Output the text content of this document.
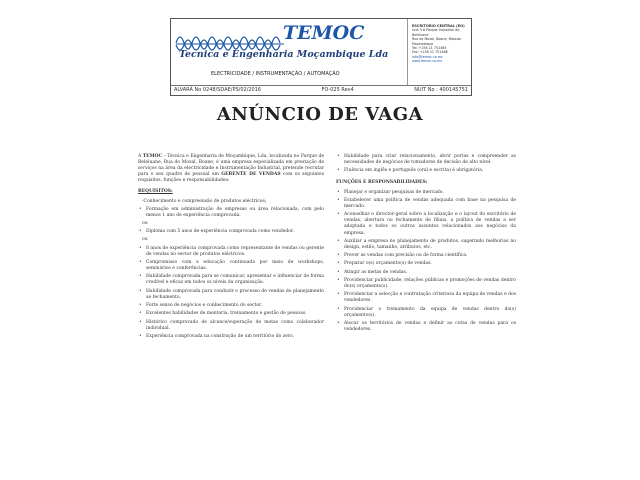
TEMOC
Tecnica e Engenharia Moçambique Lda
ELECTRICIDADE / INSTRUMENTAÇÃO / AUTOMAÇÃO
ESCRITÓRIO CENTRAL (EO)
Unit 5-6 Parque Industrial de
Beleluane
Rua do Mozal, Boane, Maputo
Moçambique
Tel: +258 21 751465
Fax: +258 21 751466
info@temoc.co.mz
www.temoc.co.mz
ALVARÁ No 0248/SDAE/PS/02/2016	FO-025 Rev4	NUIT No : 400145751
ANÚNCIO DE VAGA

A TEMOC – Técnica e Engenharia de Moçambique, Lda, localizada no Parque de Beleluane, Rua do Mozal, Boane, é uma empresa especializada em prestação de serviços na área da electricidade e Instrumentação Industrial, pretende recrutar para o seu quadro de pessoal um GERENTE DE VENDAS com os seguintes requisitos, funções e responsabilidades:

REQUISITOS:
-Conhecimento e compreensão de produtos eléctricos;
• Formação em administração de empresas ou área relacionada, com pelo menos 1 ano de experiência comprovada.
ou
• Diploma com 5 anos de experiência comprovada como vendedor.
ou
• 8 anos de experiência comprovada como representante de vendas ou gerente de vendas no sector de produtos eléctricos.
• Compromisso com a educação continuada por meio de workshops, seminários e conferências.
• Habilidade comprovada para se comunicar, apresentar e influenciar de forma credível e eficaz em todos os níveis da organização.
• Habilidade comprovada para conduzir o processo de vendas do planejamento ao fechamento.
• Forte senso de negócios e conhecimento do sector.
• Excelentes habilidades de mentoria, treinamento e gestão de pessoas.
• Histórico comprovado de alcance/superação de metas como colaborador individual.
• Experiência comprovada na construção de um território do zero.
• Habilidade para criar relacionamento, abrir portas e compreender as necessidades de negócios de tomadores de decisão de alto nível.
• Fluência em inglês e português (oral e escrita) é obrigatória.
FUNÇÕES E RESPONSABILIDADES:
• Planejar e organizar pesquisas de mercado.
• Estabelecer uma política de vendas adequada com base na pesquisa de mercado.
• Aconselhar o director-geral sobre a localização e o layout do escritório de vendas, abertura ou fechamento de filiais, a política de vendas a ser adoptada e todos os outros assuntos relacionados aos negócios da empresa.
• Auxiliar a empresa no planejamento de produtos, sugerindo melhorias no design, estilo, tamanho, atributos, etc.
• Prever as vendas com precisão ou de forma científica.
• Preparar o(s) orçamento(s) de vendas.
• Atingir as metas de vendas.
• Providenciar publicidade, relações públicas e promoções de vendas dentro do(s) orçamento(s).
• Providenciar a selecção e contratação criteriosa da equipa de vendas e dos vendedores.
• Providenciar o treinamento da equipa de vendas dentro do(s) orçamento(s).
• Alocar os territórios de vendas e definir as cotas de vendas para os vendedores.
